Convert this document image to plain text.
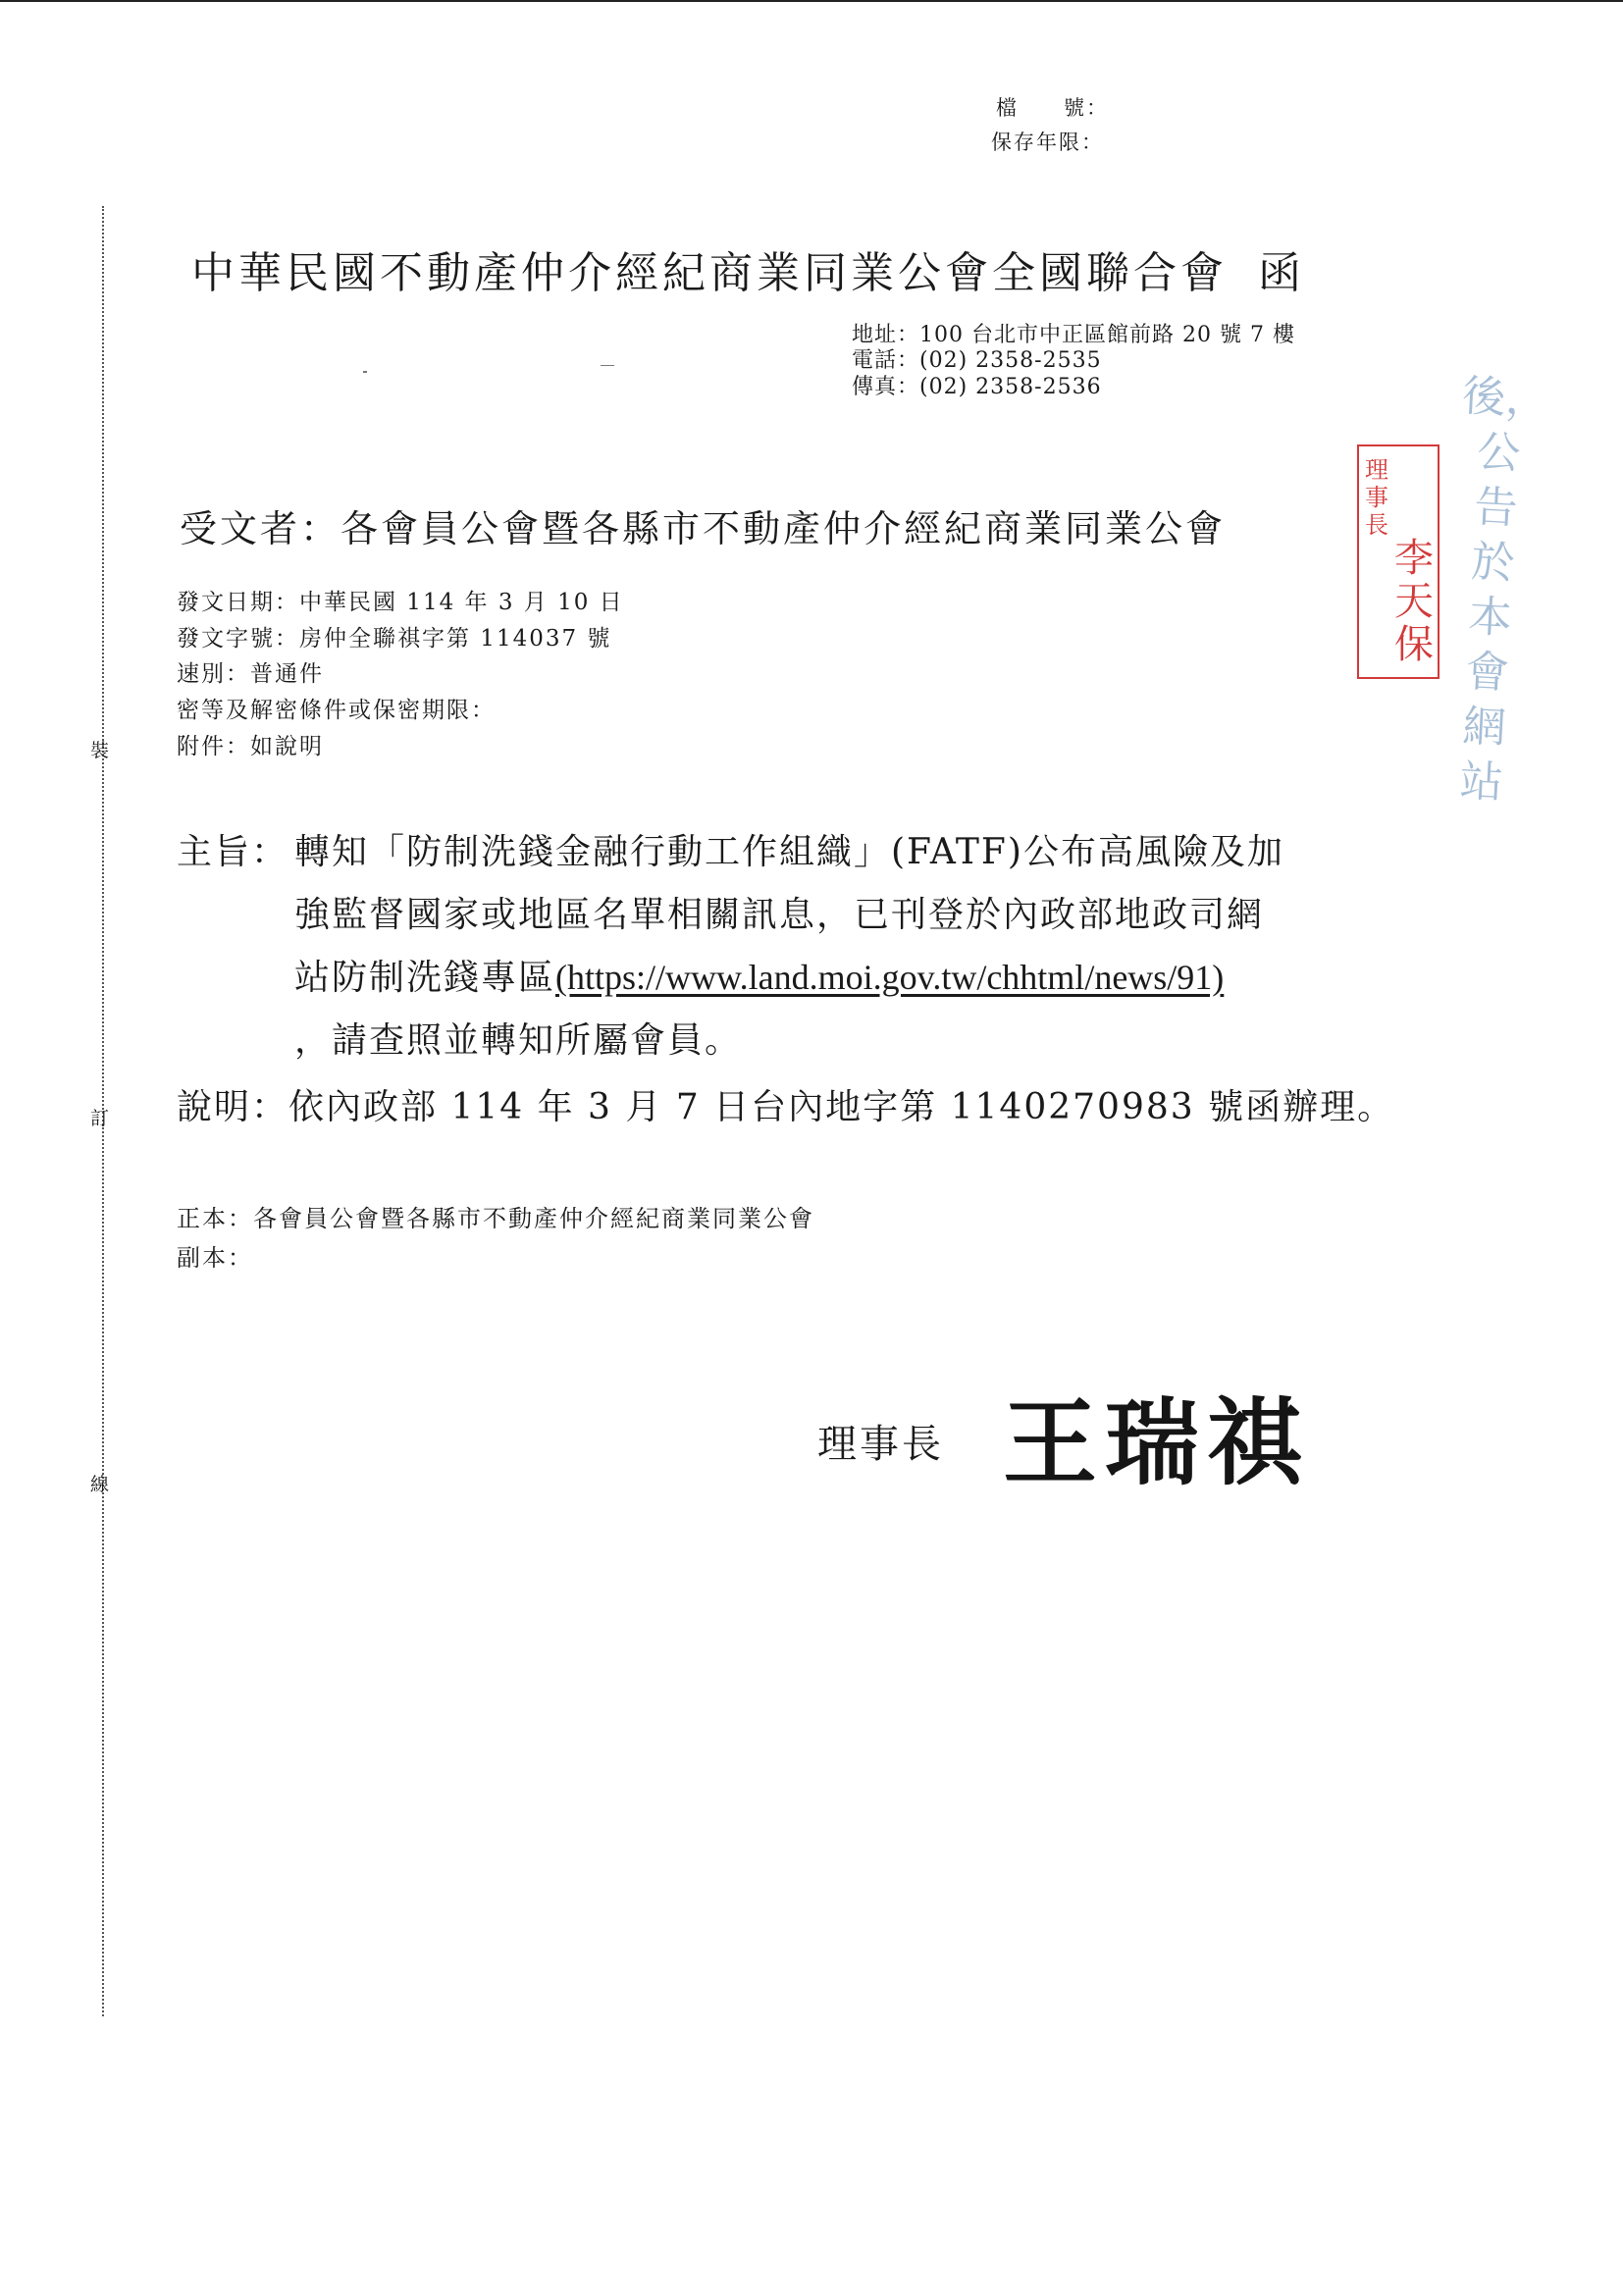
檔　　號：
保存年限：
裝
訂
線
中華民國不動產仲介經紀商業同業公會全國聯合會 函
地址：100 台北市中正區館前路 20 號 7 樓
電話：(02) 2358-2535
傳真：(02) 2358-2536
受文者：各會員公會暨各縣市不動產仲介經紀商業同業公會
發文日期：中華民國 114 年 3 月 10 日
發文字號：房仲全聯祺字第 114037 號
速別：普通件
密等及解密條件或保密期限：
附件：如說明
主旨： 轉知「防制洗錢金融行動工作組織」(FATF)公布高風險及加
強監督國家或地區名單相關訊息，已刊登於內政部地政司網
站防制洗錢專區(https://www.land.moi.gov.tw/chhtml/news/91)
，請查照並轉知所屬會員。
說明：依內政部 114 年 3 月 7 日台內地字第 1140270983 號函辦理。
正本：各會員公會暨各縣市不動產仲介經紀商業同業公會
副本：
理事長 王瑞祺
理事長
李天保
後，公告於本會網站
